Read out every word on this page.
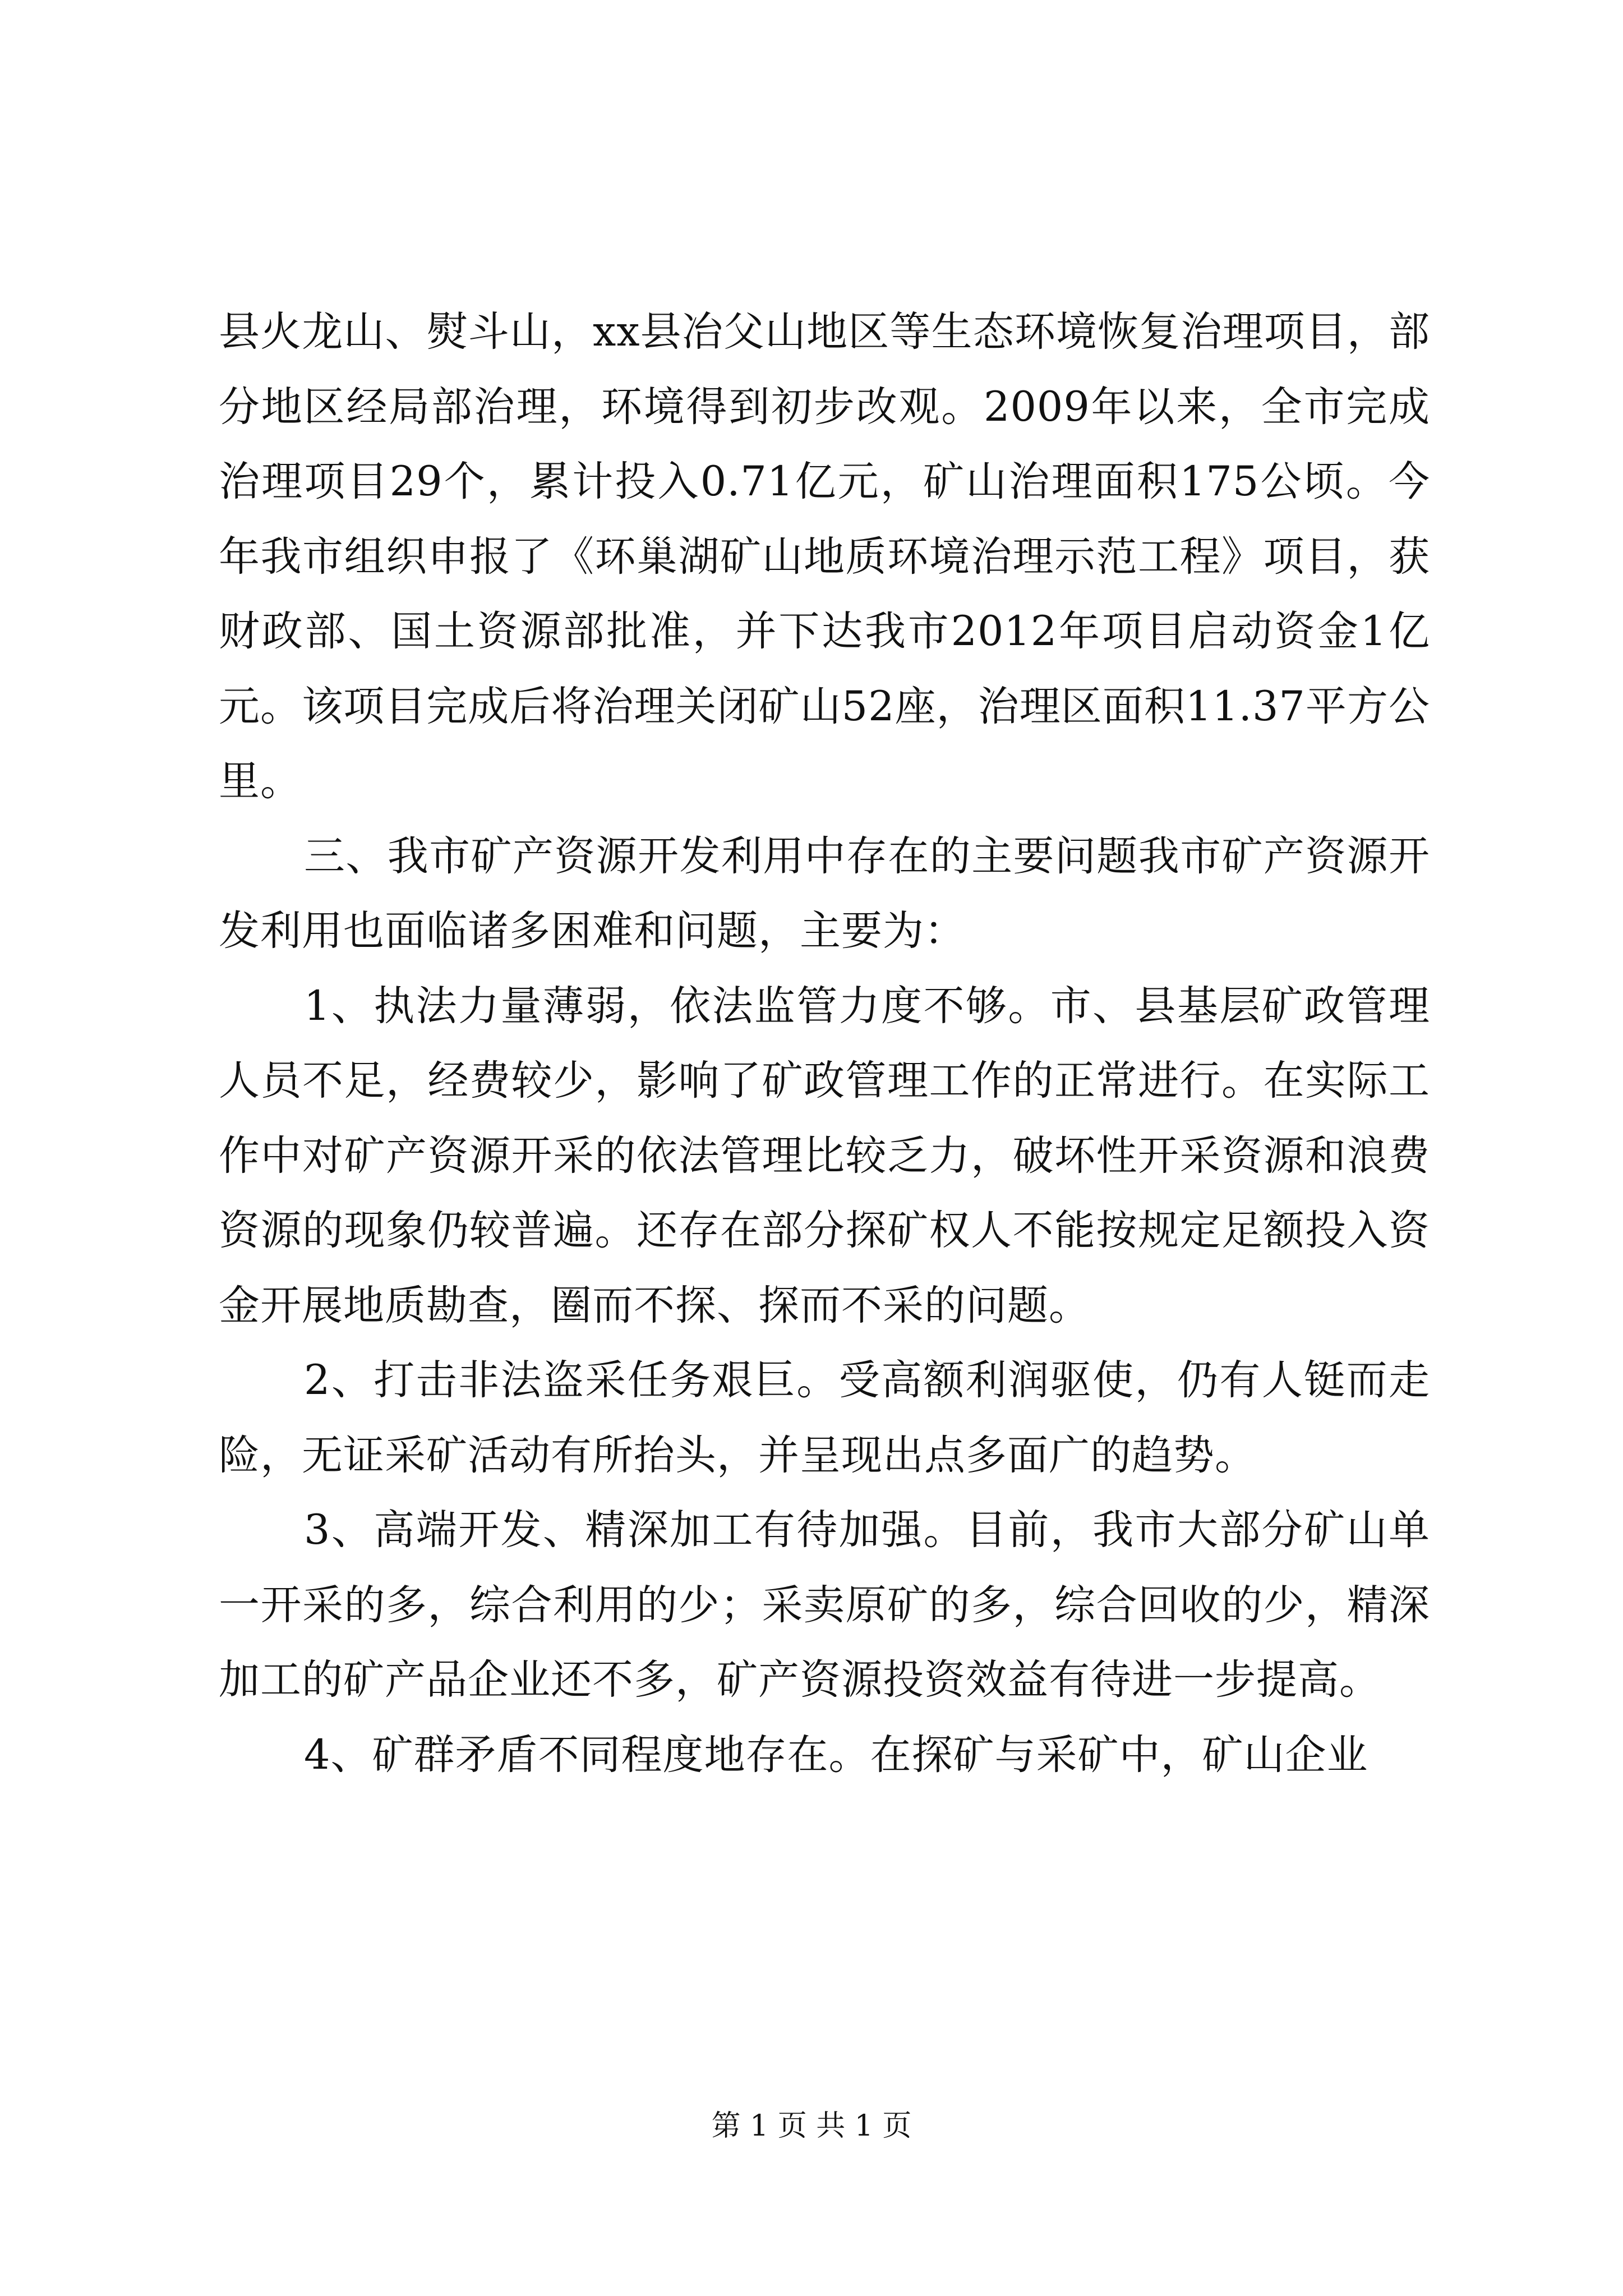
县火龙山、熨斗山，xx县冶父山地区等生态环境恢复治理项目，部分地区经局部治理，环境得到初步改观。2009年以来，全市完成治理项目29个，累计投入0.71亿元，矿山治理面积175公顷。今年我市组织申报了《环巢湖矿山地质环境治理示范工程》项目，获财政部、国土资源部批准，并下达我市2012年项目启动资金1亿元。该项目完成后将治理关闭矿山52座，治理区面积11.37平方公里。

三、我市矿产资源开发利用中存在的主要问题我市矿产资源开发利用也面临诸多困难和问题，主要为：

1、执法力量薄弱，依法监管力度不够。市、县基层矿政管理人员不足，经费较少，影响了矿政管理工作的正常进行。在实际工作中对矿产资源开采的依法管理比较乏力，破坏性开采资源和浪费资源的现象仍较普遍。还存在部分探矿权人不能按规定足额投入资金开展地质勘查，圈而不探、探而不采的问题。

2、打击非法盗采任务艰巨。受高额利润驱使，仍有人铤而走险，无证采矿活动有所抬头，并呈现出点多面广的趋势。

3、高端开发、精深加工有待加强。目前，我市大部分矿山单一开采的多，综合利用的少；采卖原矿的多，综合回收的少，精深加工的矿产品企业还不多，矿产资源投资效益有待进一步提高。

4、矿群矛盾不同程度地存在。在探矿与采矿中，矿山企业

第 1 页 共 1 页
